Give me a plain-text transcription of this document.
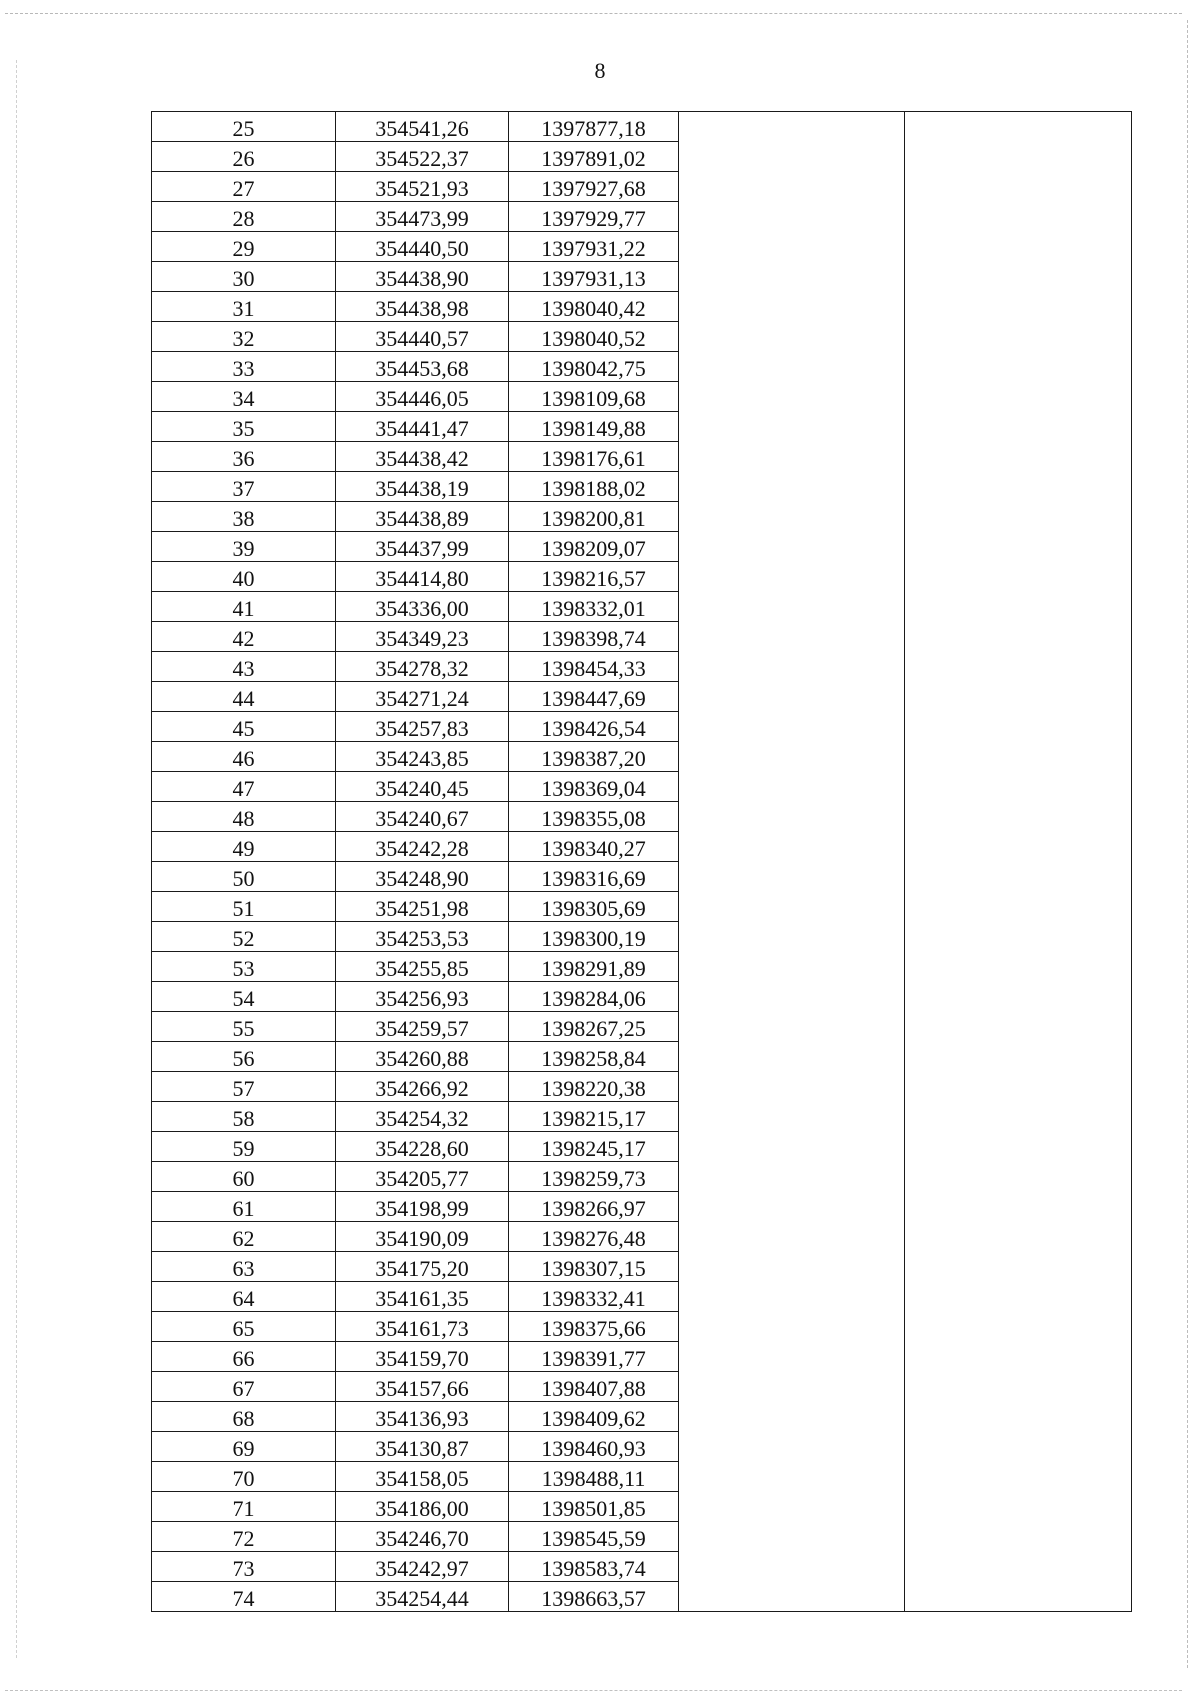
8
25	354541,26	1397877,18		
26	354522,37	1397891,02		
27	354521,93	1397927,68		
28	354473,99	1397929,77		
29	354440,50	1397931,22		
30	354438,90	1397931,13		
31	354438,98	1398040,42		
32	354440,57	1398040,52		
33	354453,68	1398042,75		
34	354446,05	1398109,68		
35	354441,47	1398149,88		
36	354438,42	1398176,61		
37	354438,19	1398188,02		
38	354438,89	1398200,81		
39	354437,99	1398209,07		
40	354414,80	1398216,57		
41	354336,00	1398332,01		
42	354349,23	1398398,74		
43	354278,32	1398454,33		
44	354271,24	1398447,69		
45	354257,83	1398426,54		
46	354243,85	1398387,20		
47	354240,45	1398369,04		
48	354240,67	1398355,08		
49	354242,28	1398340,27		
50	354248,90	1398316,69		
51	354251,98	1398305,69		
52	354253,53	1398300,19		
53	354255,85	1398291,89		
54	354256,93	1398284,06		
55	354259,57	1398267,25		
56	354260,88	1398258,84		
57	354266,92	1398220,38		
58	354254,32	1398215,17		
59	354228,60	1398245,17		
60	354205,77	1398259,73		
61	354198,99	1398266,97		
62	354190,09	1398276,48		
63	354175,20	1398307,15		
64	354161,35	1398332,41		
65	354161,73	1398375,66		
66	354159,70	1398391,77		
67	354157,66	1398407,88		
68	354136,93	1398409,62		
69	354130,87	1398460,93		
70	354158,05	1398488,11		
71	354186,00	1398501,85		
72	354246,70	1398545,59		
73	354242,97	1398583,74		
74	354254,44	1398663,57		
